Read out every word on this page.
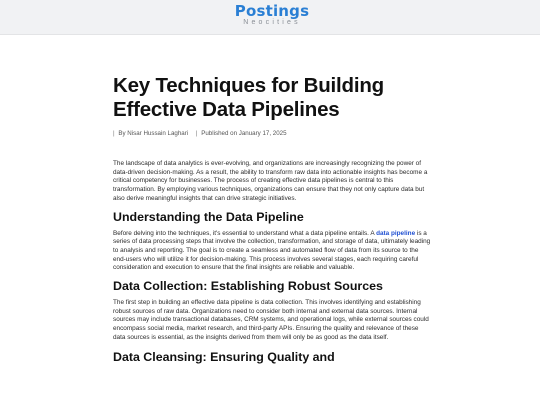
Postings
Neocities
Key Techniques for Building Effective Data Pipelines
| By Nisar Hussain Laghari | Published on January 17, 2025

The landscape of data analytics is ever-evolving, and organizations are increasingly recognizing the power of data-driven decision-making. As a result, the ability to transform raw data into actionable insights has become a critical competency for businesses. The process of creating effective data pipelines is central to this transformation. By employing various techniques, organizations can ensure that they not only capture data but also derive meaningful insights that can drive strategic initiatives.

Understanding the Data Pipeline

Before delving into the techniques, it's essential to understand what a data pipeline entails. A data pipeline is a series of data processing steps that involve the collection, transformation, and storage of data, ultimately leading to analysis and reporting. The goal is to create a seamless and automated flow of data from its source to the end-users who will utilize it for decision-making. This process involves several stages, each requiring careful consideration and execution to ensure that the final insights are reliable and valuable.

Data Collection: Establishing Robust Sources

The first step in building an effective data pipeline is data collection. This involves identifying and establishing robust sources of raw data. Organizations need to consider both internal and external data sources. Internal sources may include transactional databases, CRM systems, and operational logs, while external sources could encompass social media, market research, and third-party APIs. Ensuring the quality and relevance of these data sources is essential, as the insights derived from them will only be as good as the data itself.

Data Cleansing: Ensuring Quality and
